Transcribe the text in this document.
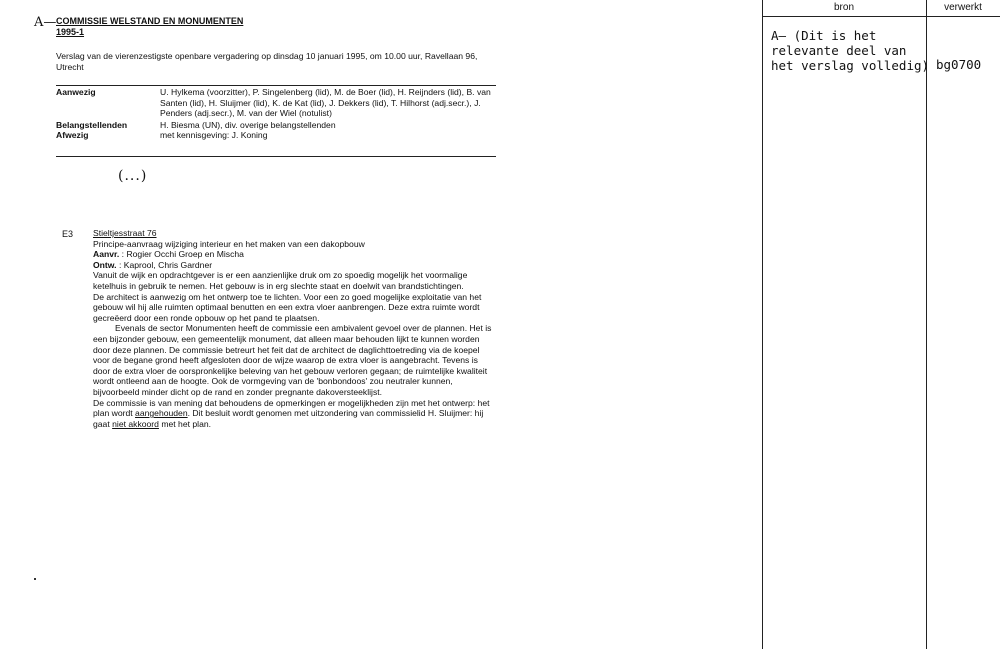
A— COMMISSIE WELSTAND EN MONUMENTEN
1995-1
Verslag van de vierenzestigste openbare vergadering op dinsdag 10 januari 1995, om 10.00 uur, Ravellaan 96, Utrecht
Aanwezig	U. Hylkema (voorzitter), P. Singelenberg (lid), M. de Boer (lid), H. Reijnders (lid), B. van Santen (lid), H. Sluijmer (lid), K. de Kat (lid), J. Dekkers (lid), T. Hilhorst (adj.secr.), J. Penders (adj.secr.), M. van der Wiel (notulist)
Belangstellenden	H. Biesma (UN), div. overige belangstellenden
Afwezig	met kennisgeving: J. Koning
(...)
E3 Stieltjesstraat 76

Principe-aanvraag wijziging interieur en het maken van een dakopbouw

Aanvr. : Rogier Occhi Groep en Mischa

Ontw. : Kaprool, Chris Gardner

Vanuit de wijk en opdrachtgever is er een aanzienlijke druk om zo spoedig mogelijk het voormalige ketelhuis in gebruik te nemen. Het gebouw is in erg slechte staat en doelwit van brandstichtingen.

De architect is aanwezig om het ontwerp toe te lichten. Voor een zo goed mogelijke exploitatie van het gebouw wil hij alle ruimten optimaal benutten en een extra vloer aanbrengen. Deze extra ruimte wordt gecreëerd door een ronde opbouw op het pand te plaatsen.

Evenals de sector Monumenten heeft de commissie een ambivalent gevoel over de plannen. Het is een bijzonder gebouw, een gemeentelijk monument, dat alleen maar behouden lijkt te kunnen worden door deze plannen. De commissie betreurt het feit dat de architect de daglichttoetreding via de koepel voor de begane grond heeft afgesloten door de wijze waarop de extra vloer is aangebracht. Tevens is door de extra vloer de oorspronkelijke beleving van het gebouw verloren gegaan; de ruimtelijke kwaliteit wordt ontleend aan de hoogte. Ook de vormgeving van de 'bonbondoos' zou neutraler kunnen, bijvoorbeeld minder dicht op de rand en zonder pregnante dakoversteeklijst.

De commissie is van mening dat behoudens de opmerkingen er mogelijkheden zijn met het ontwerp: het plan wordt aangehouden. Dit besluit wordt genomen met uitzondering van commissielid H. Sluijmer: hij gaat niet akkoord met het plan.

bron	verwerkt
A— (Dit is het relevante deel van het verslag volledig) bg0700
